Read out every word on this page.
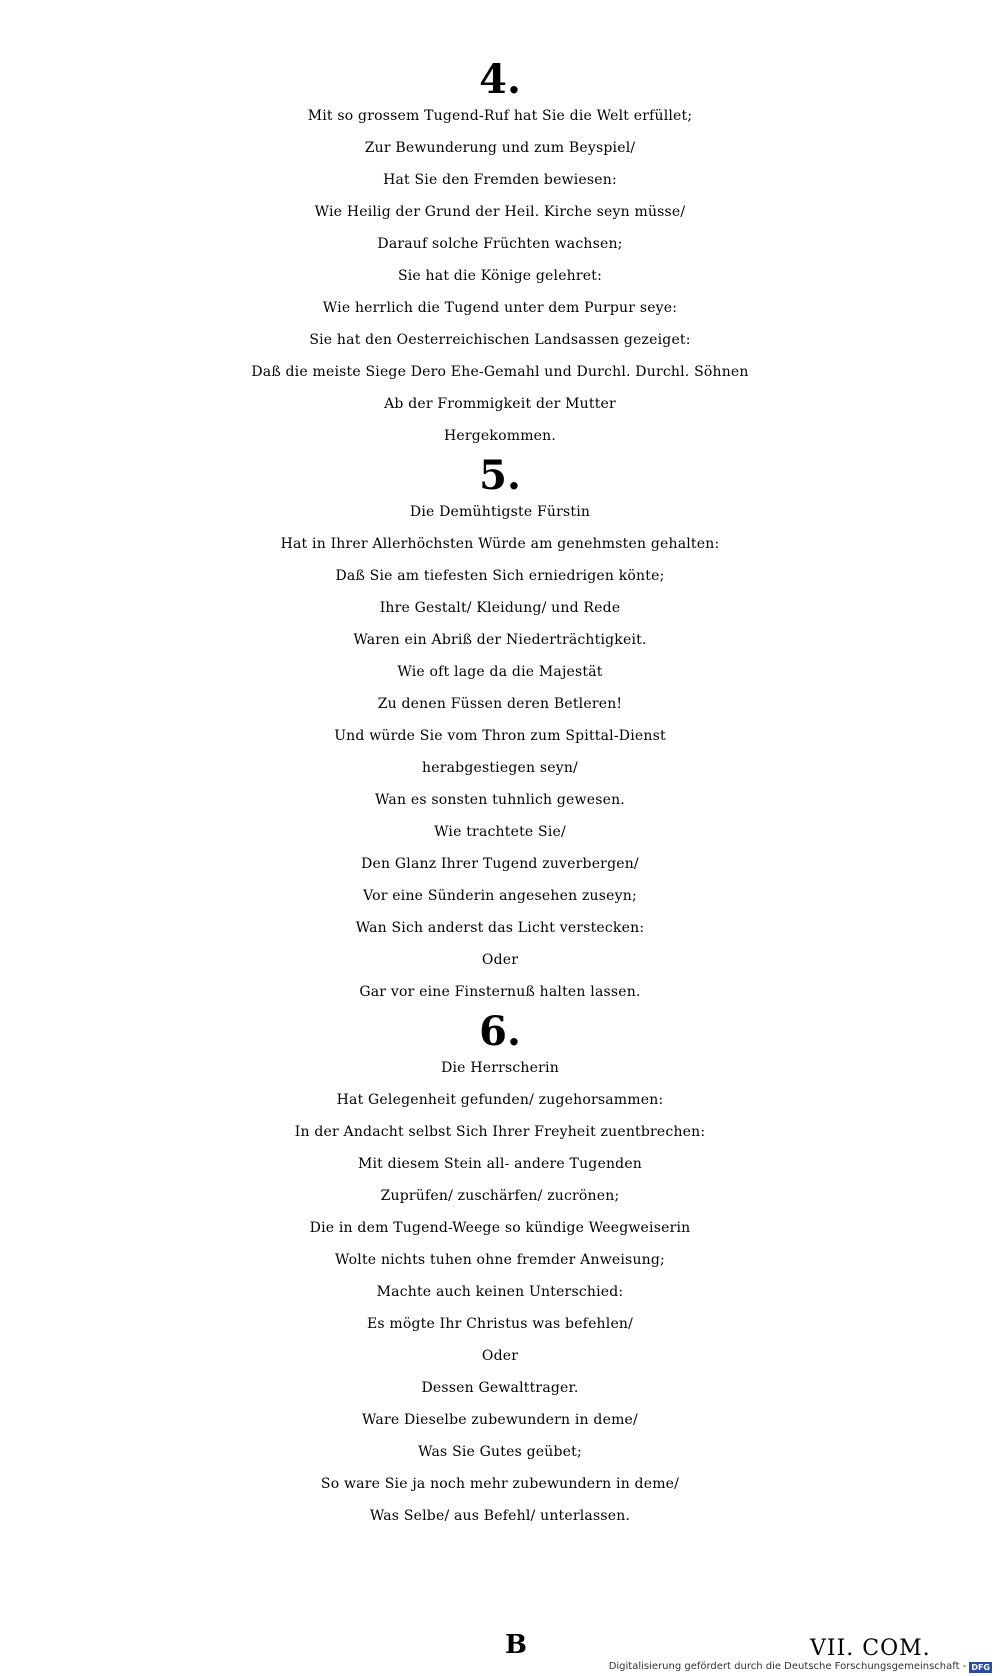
4.
Mit so grossem Tugend-Ruf hat Sie die Welt erfüllet;
Zur Bewunderung und zum Beyspiel/
Hat Sie den Fremden bewiesen:
Wie Heilig der Grund der Heil. Kirche seyn müsse/
Darauf solche Früchten wachsen;
Sie hat die Könige gelehret:
Wie herrlich die Tugend unter dem Purpur seye:
Sie hat den Oesterreichischen Landsassen gezeiget:
Daß die meiste Siege Dero Ehe-Gemahl und Durchl. Durchl. Söhnen
Ab der Frommigkeit der Mutter
Hergekommen.
5.
Die Demühtigste Fürstin
Hat in Ihrer Allerhöchsten Würde am genehmsten gehalten:
Daß Sie am tiefesten Sich erniedrigen könte;
Ihre Gestalt/ Kleidung/ und Rede
Waren ein Abriß der Niederträchtigkeit.
Wie oft lage da die Majestät
Zu denen Füssen deren Betleren!
Und würde Sie vom Thron zum Spittal-Dienst
herabgestiegen seyn/
Wan es sonsten tuhnlich gewesen.
Wie trachtete Sie/
Den Glanz Ihrer Tugend zuverbergen/
Vor eine Sünderin angesehen zuseyn;
Wan Sich anderst das Licht verstecken:
Oder
Gar vor eine Finsternuß halten lassen.
6.
Die Herrscherin
Hat Gelegenheit gefunden/ zugehorsammen:
In der Andacht selbst Sich Ihrer Freyheit zuentbrechen:
Mit diesem Stein all- andere Tugenden
Zuprüfen/ zuschärfen/ zucrönen;
Die in dem Tugend-Weege so kündige Weegweiserin
Wolte nichts tuhen ohne fremder Anweisung;
Machte auch keinen Unterschied:
Es mögte Ihr Christus was befehlen/
Oder
Dessen Gewalttrager.
Ware Dieselbe zubewundern in deme/
Was Sie Gutes geübet;
So ware Sie ja noch mehr zubewundern in deme/
Was Selbe/ aus Befehl/ unterlassen.
B	VII. COM.
Digitalisierung gefördert durch die Deutsche Forschungsgemeinschaft - DFG
